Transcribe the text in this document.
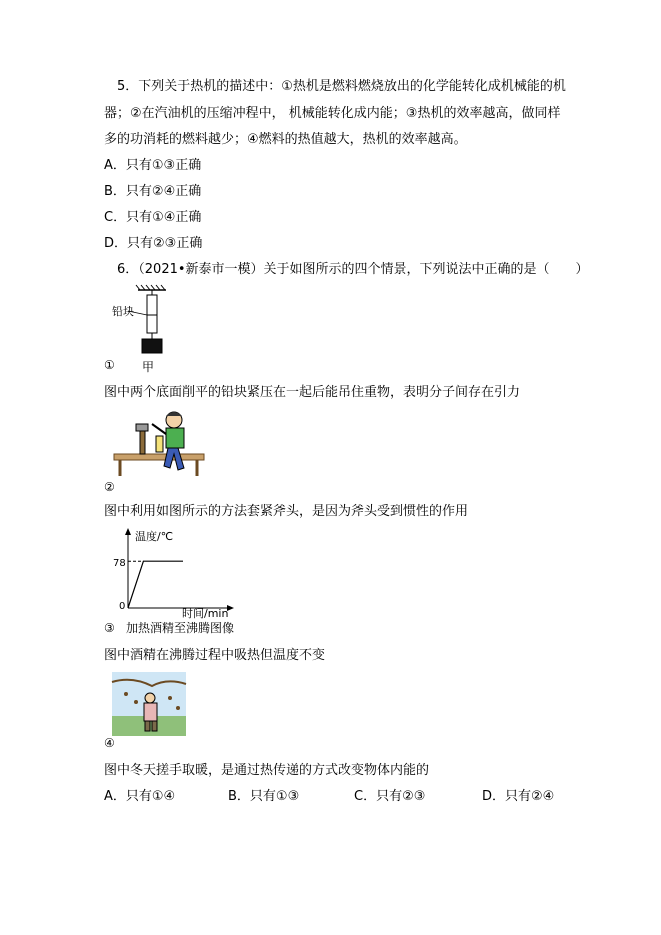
5．下列关于热机的描述中：①热机是燃料燃烧放出的化学能转化成机械能的机
器；②在汽油机的压缩冲程中， 机械能转化成内能；③热机的效率越高，做同样
多的功消耗的燃料越少；④燃料的热值越大，热机的效率越高。
A．只有①③正确
B．只有②④正确
C．只有①④正确
D．只有②③正确
6．（2021•新泰市一模）关于如图所示的四个情景，下列说法中正确的是（　　）
铅块
① 甲
图中两个底面削平的铅块紧压在一起后能吊住重物，表明分子间存在引力
②
图中利用如图所示的方法套紧斧头，是因为斧头受到惯性的作用
温度/℃
时间/min
78
0
③ 加热酒精至沸腾图像
图中酒精在沸腾过程中吸热但温度不变
④
图中冬天搓手取暖，是通过热传递的方式改变物体内能的
A．只有①④	B．只有①③	C．只有②③	D．只有②④
